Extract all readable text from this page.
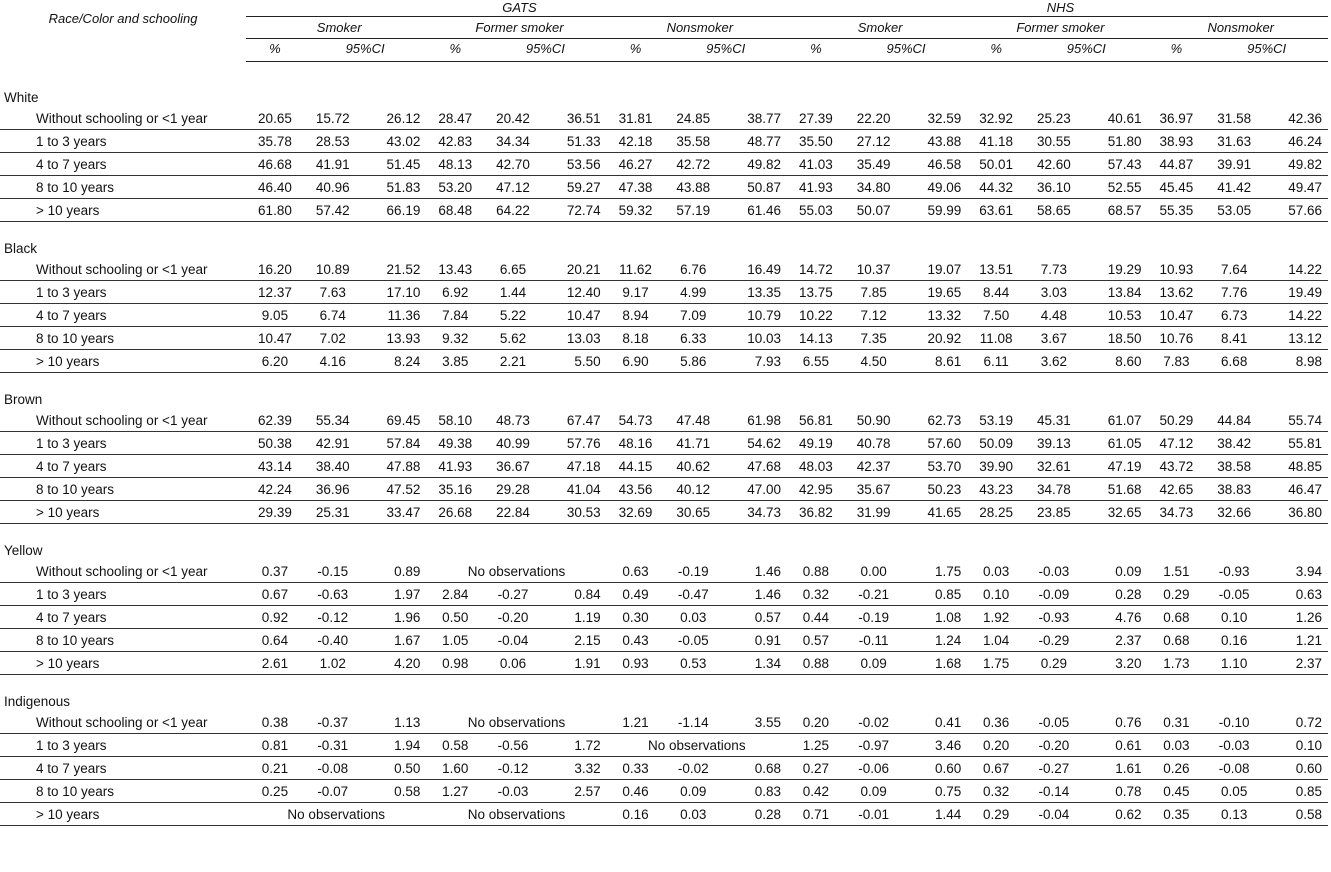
Race/Color and schooling	GATS									NHS								
	Smoker			Former smoker			Nonsmoker			Smoker			Former smoker			Nonsmoker		
	%	95%CI		%	95%CI		%	95%CI		%	95%CI		%	95%CI		%	95%CI	

White																		
Without schooling or <1 year	20.65	15.72	26.12	28.47	20.42	36.51	31.81	24.85	38.77	27.39	22.20	32.59	32.92	25.23	40.61	36.97	31.58	42.36
1 to 3 years	35.78	28.53	43.02	42.83	34.34	51.33	42.18	35.58	48.77	35.50	27.12	43.88	41.18	30.55	51.80	38.93	31.63	46.24
4 to 7 years	46.68	41.91	51.45	48.13	42.70	53.56	46.27	42.72	49.82	41.03	35.49	46.58	50.01	42.60	57.43	44.87	39.91	49.82
8 to 10 years	46.40	40.96	51.83	53.20	47.12	59.27	47.38	43.88	50.87	41.93	34.80	49.06	44.32	36.10	52.55	45.45	41.42	49.47
> 10 years	61.80	57.42	66.19	68.48	64.22	72.74	59.32	57.19	61.46	55.03	50.07	59.99	63.61	58.65	68.57	55.35	53.05	57.66

Black																		
Without schooling or <1 year	16.20	10.89	21.52	13.43	6.65	20.21	11.62	6.76	16.49	14.72	10.37	19.07	13.51	7.73	19.29	10.93	7.64	14.22
1 to 3 years	12.37	7.63	17.10	6.92	1.44	12.40	9.17	4.99	13.35	13.75	7.85	19.65	8.44	3.03	13.84	13.62	7.76	19.49
4 to 7 years	9.05	6.74	11.36	7.84	5.22	10.47	8.94	7.09	10.79	10.22	7.12	13.32	7.50	4.48	10.53	10.47	6.73	14.22
8 to 10 years	10.47	7.02	13.93	9.32	5.62	13.03	8.18	6.33	10.03	14.13	7.35	20.92	11.08	3.67	18.50	10.76	8.41	13.12
> 10 years	6.20	4.16	8.24	3.85	2.21	5.50	6.90	5.86	7.93	6.55	4.50	8.61	6.11	3.62	8.60	7.83	6.68	8.98

Brown																		
Without schooling or <1 year	62.39	55.34	69.45	58.10	48.73	67.47	54.73	47.48	61.98	56.81	50.90	62.73	53.19	45.31	61.07	50.29	44.84	55.74
1 to 3 years	50.38	42.91	57.84	49.38	40.99	57.76	48.16	41.71	54.62	49.19	40.78	57.60	50.09	39.13	61.05	47.12	38.42	55.81
4 to 7 years	43.14	38.40	47.88	41.93	36.67	47.18	44.15	40.62	47.68	48.03	42.37	53.70	39.90	32.61	47.19	43.72	38.58	48.85
8 to 10 years	42.24	36.96	47.52	35.16	29.28	41.04	43.56	40.12	47.00	42.95	35.67	50.23	43.23	34.78	51.68	42.65	38.83	46.47
> 10 years	29.39	25.31	33.47	26.68	22.84	30.53	32.69	30.65	34.73	36.82	31.99	41.65	28.25	23.85	32.65	34.73	32.66	36.80

Yellow																		
Without schooling or <1 year	0.37	-0.15	0.89	No observations			0.63	-0.19	1.46	0.88	0.00	1.75	0.03	-0.03	0.09	1.51	-0.93	3.94
1 to 3 years	0.67	-0.63	1.97	2.84	-0.27	0.84	0.49	-0.47	1.46	0.32	-0.21	0.85	0.10	-0.09	0.28	0.29	-0.05	0.63
4 to 7 years	0.92	-0.12	1.96	0.50	-0.20	1.19	0.30	0.03	0.57	0.44	-0.19	1.08	1.92	-0.93	4.76	0.68	0.10	1.26
8 to 10 years	0.64	-0.40	1.67	1.05	-0.04	2.15	0.43	-0.05	0.91	0.57	-0.11	1.24	1.04	-0.29	2.37	0.68	0.16	1.21
> 10 years	2.61	1.02	4.20	0.98	0.06	1.91	0.93	0.53	1.34	0.88	0.09	1.68	1.75	0.29	3.20	1.73	1.10	2.37

Indigenous																		
Without schooling or <1 year	0.38	-0.37	1.13	No observations			1.21	-1.14	3.55	0.20	-0.02	0.41	0.36	-0.05	0.76	0.31	-0.10	0.72
1 to 3 years	0.81	-0.31	1.94	0.58	-0.56	1.72	No observations			1.25	-0.97	3.46	0.20	-0.20	0.61	0.03	-0.03	0.10
4 to 7 years	0.21	-0.08	0.50	1.60	-0.12	3.32	0.33	-0.02	0.68	0.27	-0.06	0.60	0.67	-0.27	1.61	0.26	-0.08	0.60
8 to 10 years	0.25	-0.07	0.58	1.27	-0.03	2.57	0.46	0.09	0.83	0.42	0.09	0.75	0.32	-0.14	0.78	0.45	0.05	0.85
> 10 years	No observations			No observations			0.16	0.03	0.28	0.71	-0.01	1.44	0.29	-0.04	0.62	0.35	0.13	0.58
